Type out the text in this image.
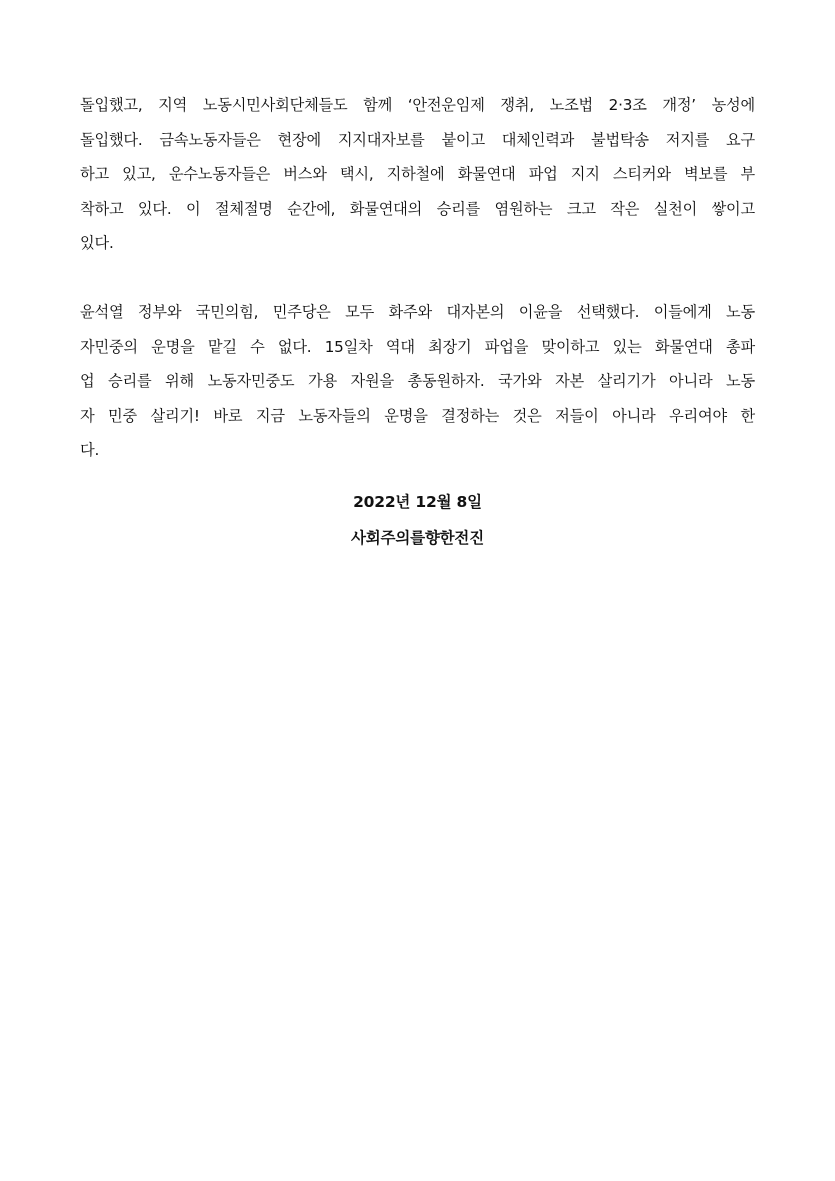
돌입했고, 지역 노동시민사회단체들도 함께 ‘안전운임제 쟁취, 노조법 2·3조 개정’ 농성에
돌입했다. 금속노동자들은 현장에 지지대자보를 붙이고 대체인력과 불법탁송 저지를 요구
하고 있고, 운수노동자들은 버스와 택시, 지하철에 화물연대 파업 지지 스티커와 벽보를 부
착하고 있다. 이 절체절명 순간에, 화물연대의 승리를 염원하는 크고 작은 실천이 쌓이고
있다.

윤석열 정부와 국민의힘, 민주당은 모두 화주와 대자본의 이윤을 선택했다. 이들에게 노동
자민중의 운명을 맡길 수 없다. 15일차 역대 최장기 파업을 맞이하고 있는 화물연대 총파
업 승리를 위해 노동자민중도 가용 자원을 총동원하자. 국가와 자본 살리기가 아니라 노동
자 민중 살리기! 바로 지금 노동자들의 운명을 결정하는 것은 저들이 아니라 우리여야 한
다.

2022년 12월 8일
사회주의를향한전진
